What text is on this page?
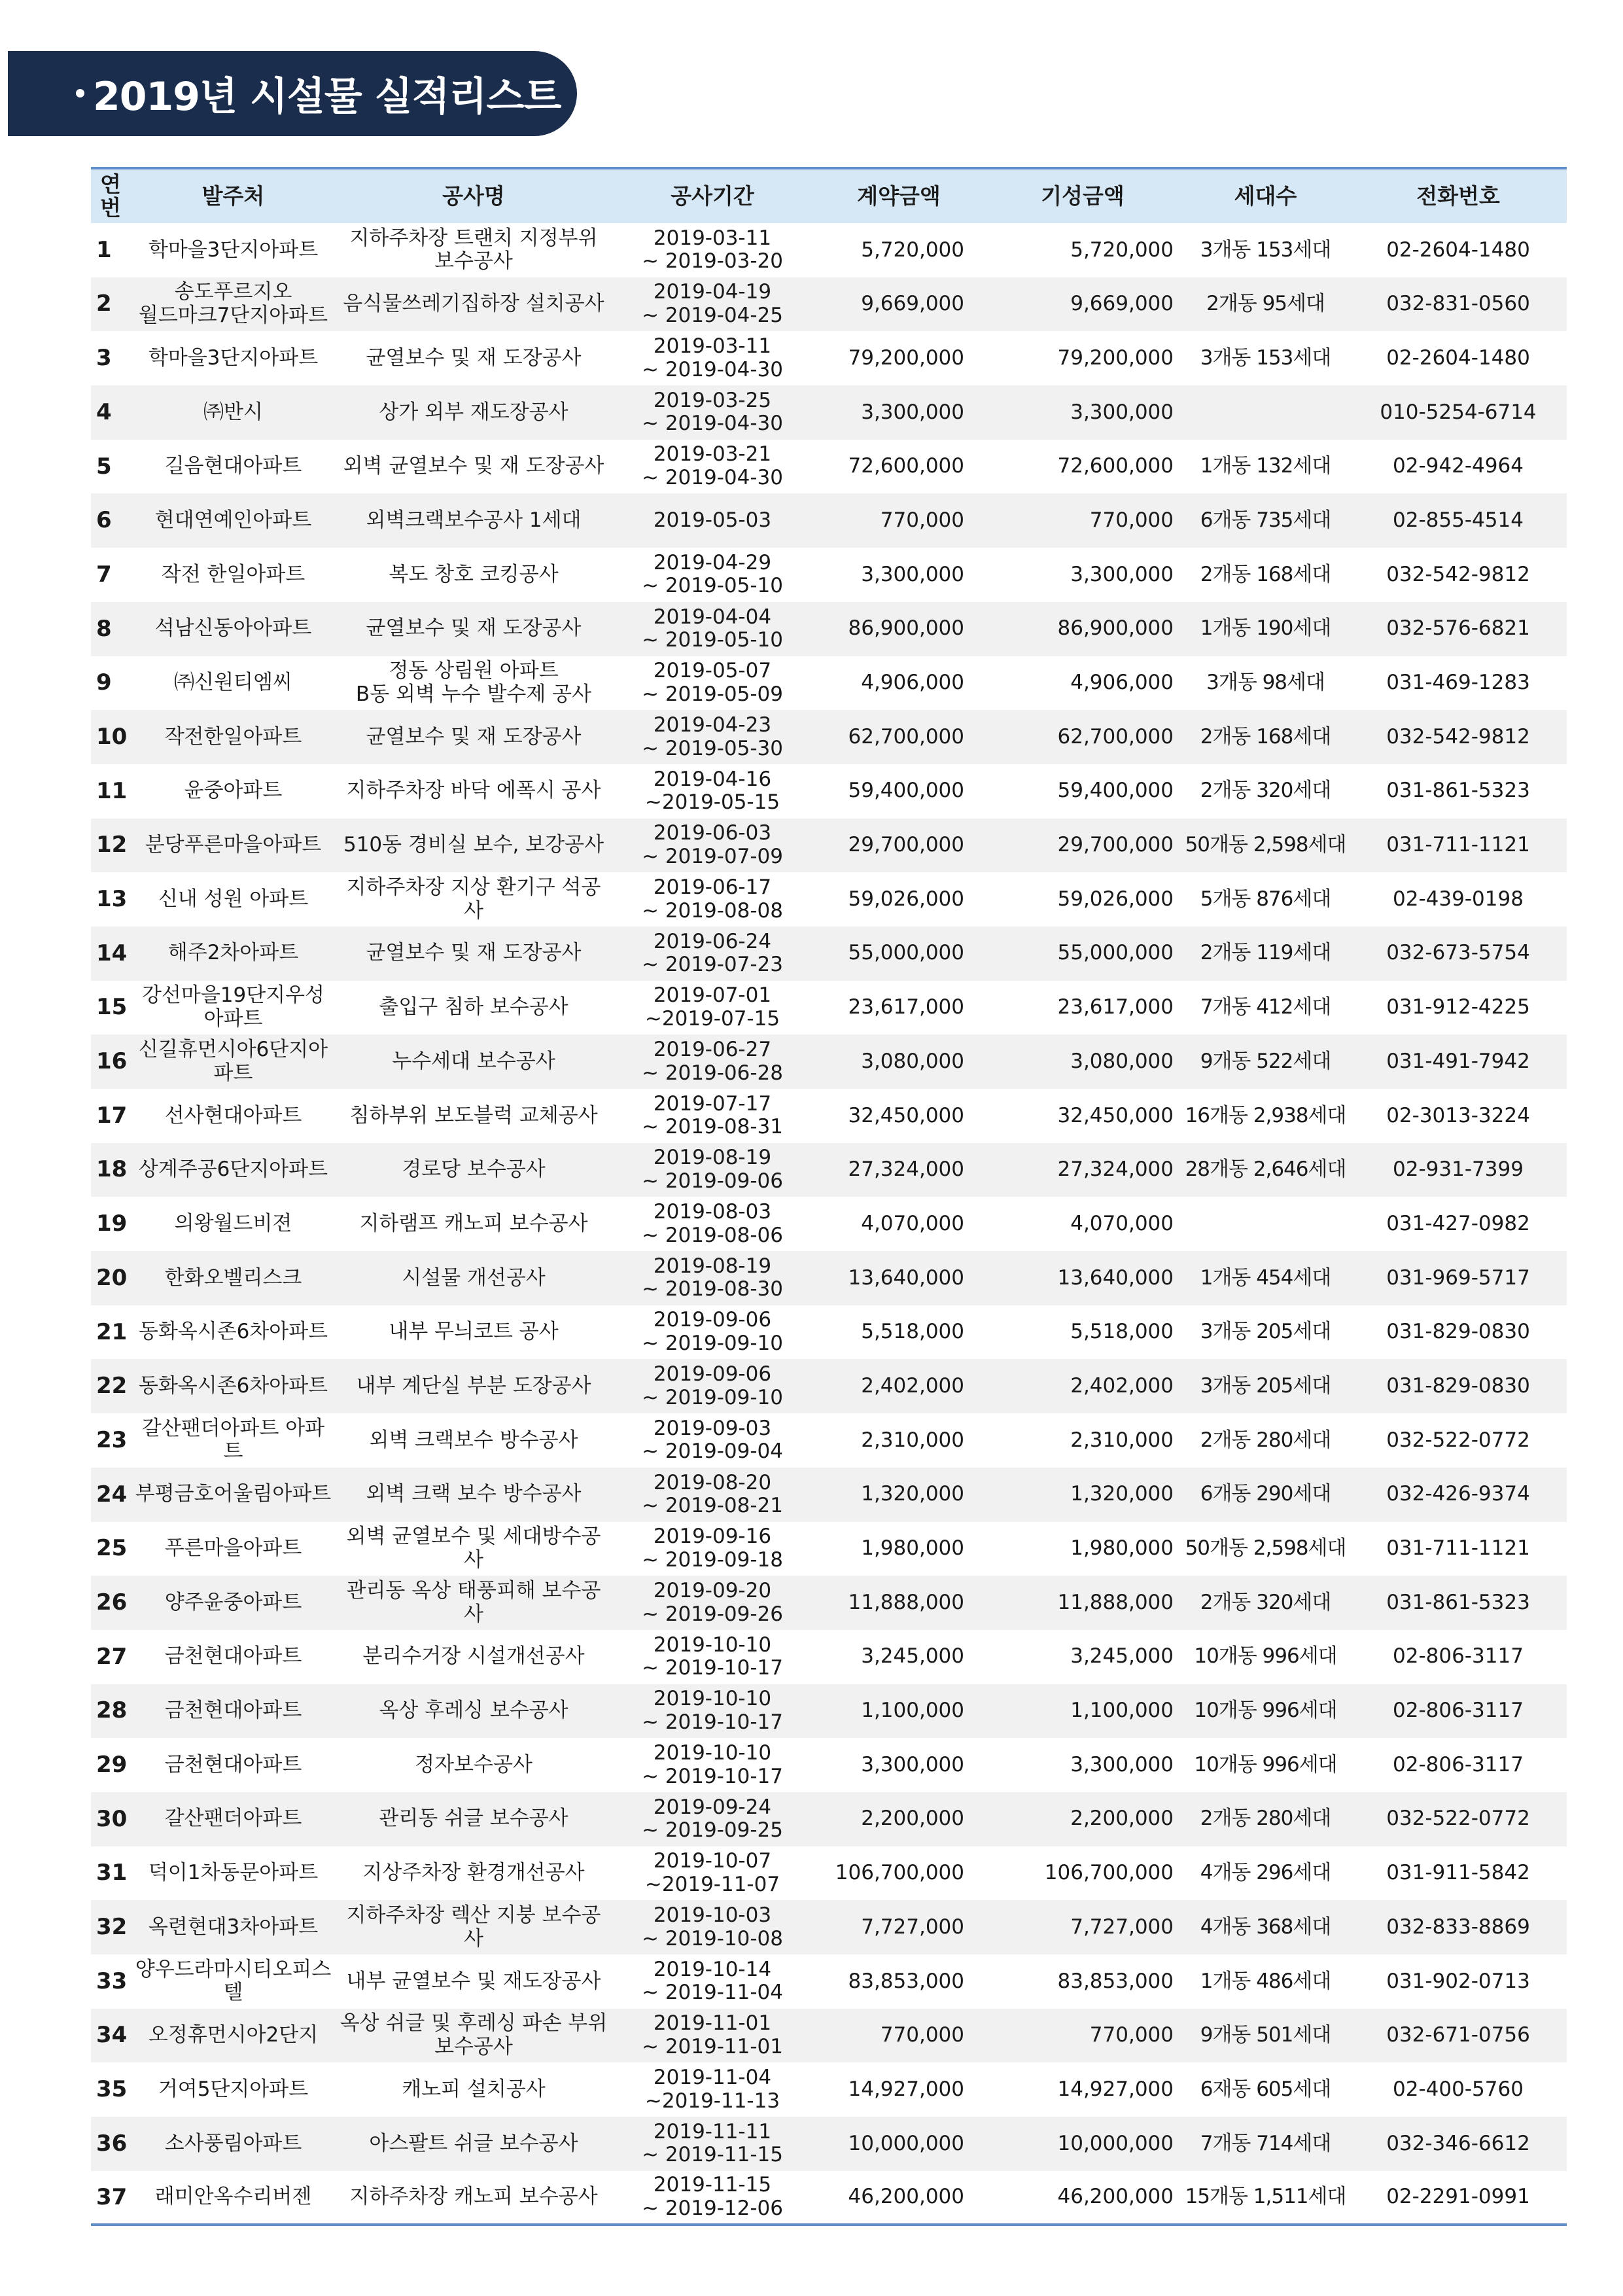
2019년 시설물 실적리스트
연
번	발주처	공사명	공사기간	계약금액	기성금액	세대수	전화번호
1	학마을3단지아파트	지하주차장 트랜치 지정부위
보수공사	2019-03-11
~ 2019-03-20	5,720,000	5,720,000	3개동 153세대	02-2604-1480
2	송도푸르지오
월드마크7단지아파트	음식물쓰레기집하장 설치공사	2019-04-19
~ 2019-04-25	9,669,000	9,669,000	2개동 95세대	032-831-0560
3	학마을3단지아파트	균열보수 및 재 도장공사	2019-03-11
~ 2019-04-30	79,200,000	79,200,000	3개동 153세대	02-2604-1480
4	㈜반시	상가 외부 재도장공사	2019-03-25
~ 2019-04-30	3,300,000	3,300,000		010-5254-6714
5	길음현대아파트	외벽 균열보수 및 재 도장공사	2019-03-21
~ 2019-04-30	72,600,000	72,600,000	1개동 132세대	02-942-4964
6	현대연예인아파트	외벽크랙보수공사 1세대	2019-05-03	770,000	770,000	6개동 735세대	02-855-4514
7	작전 한일아파트	복도 창호 코킹공사	2019-04-29
~ 2019-05-10	3,300,000	3,300,000	2개동 168세대	032-542-9812
8	석남신동아아파트	균열보수 및 재 도장공사	2019-04-04
~ 2019-05-10	86,900,000	86,900,000	1개동 190세대	032-576-6821
9	㈜신원티엠씨	정동 상림원 아파트
B동 외벽 누수 발수제 공사	2019-05-07
~ 2019-05-09	4,906,000	4,906,000	3개동 98세대	031-469-1283
10	작전한일아파트	균열보수 및 재 도장공사	2019-04-23
~ 2019-05-30	62,700,000	62,700,000	2개동 168세대	032-542-9812
11	윤중아파트	지하주차장 바닥 에폭시 공사	2019-04-16
~2019-05-15	59,400,000	59,400,000	2개동 320세대	031-861-5323
12	분당푸른마을아파트	510동 경비실 보수, 보강공사	2019-06-03
~ 2019-07-09	29,700,000	29,700,000	50개동 2,598세대	031-711-1121
13	신내 성원 아파트	지하주차장 지상 환기구 석공사	2019-06-17
~ 2019-08-08	59,026,000	59,026,000	5개동 876세대	02-439-0198
14	해주2차아파트	균열보수 및 재 도장공사	2019-06-24
~ 2019-07-23	55,000,000	55,000,000	2개동 119세대	032-673-5754
15	강선마을19단지우성아파트	출입구 침하 보수공사	2019-07-01
~2019-07-15	23,617,000	23,617,000	7개동 412세대	031-912-4225
16	신길휴먼시아6단지아파트	누수세대 보수공사	2019-06-27
~ 2019-06-28	3,080,000	3,080,000	9개동 522세대	031-491-7942
17	선사현대아파트	침하부위 보도블럭 교체공사	2019-07-17
~ 2019-08-31	32,450,000	32,450,000	16개동 2,938세대	02-3013-3224
18	상계주공6단지아파트	경로당 보수공사	2019-08-19
~ 2019-09-06	27,324,000	27,324,000	28개동 2,646세대	02-931-7399
19	의왕월드비젼	지하램프 캐노피 보수공사	2019-08-03
~ 2019-08-06	4,070,000	4,070,000		031-427-0982
20	한화오벨리스크	시설물 개선공사	2019-08-19
~ 2019-08-30	13,640,000	13,640,000	1개동 454세대	031-969-5717
21	동화옥시존6차아파트	내부 무늬코트 공사	2019-09-06
~ 2019-09-10	5,518,000	5,518,000	3개동 205세대	031-829-0830
22	동화옥시존6차아파트	내부 계단실 부분 도장공사	2019-09-06
~ 2019-09-10	2,402,000	2,402,000	3개동 205세대	031-829-0830
23	갈산팬더아파트 아파트	외벽 크랙보수 방수공사	2019-09-03
~ 2019-09-04	2,310,000	2,310,000	2개동 280세대	032-522-0772
24	부평금호어울림아파트	외벽 크랙 보수 방수공사	2019-08-20
~ 2019-08-21	1,320,000	1,320,000	6개동 290세대	032-426-9374
25	푸른마을아파트	외벽 균열보수 및 세대방수공사	2019-09-16
~ 2019-09-18	1,980,000	1,980,000	50개동 2,598세대	031-711-1121
26	양주윤중아파트	관리동 옥상 태풍피해 보수공사	2019-09-20
~ 2019-09-26	11,888,000	11,888,000	2개동 320세대	031-861-5323
27	금천현대아파트	분리수거장 시설개선공사	2019-10-10
~ 2019-10-17	3,245,000	3,245,000	10개동 996세대	02-806-3117
28	금천현대아파트	옥상 후레싱 보수공사	2019-10-10
~ 2019-10-17	1,100,000	1,100,000	10개동 996세대	02-806-3117
29	금천현대아파트	정자보수공사	2019-10-10
~ 2019-10-17	3,300,000	3,300,000	10개동 996세대	02-806-3117
30	갈산팬더아파트	관리동 쉬글 보수공사	2019-09-24
~ 2019-09-25	2,200,000	2,200,000	2개동 280세대	032-522-0772
31	덕이1차동문아파트	지상주차장 환경개선공사	2019-10-07
~2019-11-07	106,700,000	106,700,000	4개동 296세대	031-911-5842
32	옥련현대3차아파트	지하주차장 렉산 지붕 보수공사	2019-10-03
~ 2019-10-08	7,727,000	7,727,000	4개동 368세대	032-833-8869
33	양우드라마시티오피스텔	내부 균열보수 및 재도장공사	2019-10-14
~ 2019-11-04	83,853,000	83,853,000	1개동 486세대	031-902-0713
34	오정휴먼시아2단지	옥상 쉬글 및 후레싱 파손 부위
보수공사	2019-11-01
~ 2019-11-01	770,000	770,000	9개동 501세대	032-671-0756
35	거여5단지아파트	캐노피 설치공사	2019-11-04
~2019-11-13	14,927,000	14,927,000	6재동 605세대	02-400-5760
36	소사풍림아파트	아스팔트 쉬글 보수공사	2019-11-11
~ 2019-11-15	10,000,000	10,000,000	7개동 714세대	032-346-6612
37	래미안옥수리버젠	지하주차장 캐노피 보수공사	2019-11-15
~ 2019-12-06	46,200,000	46,200,000	15개동 1,511세대	02-2291-0991
